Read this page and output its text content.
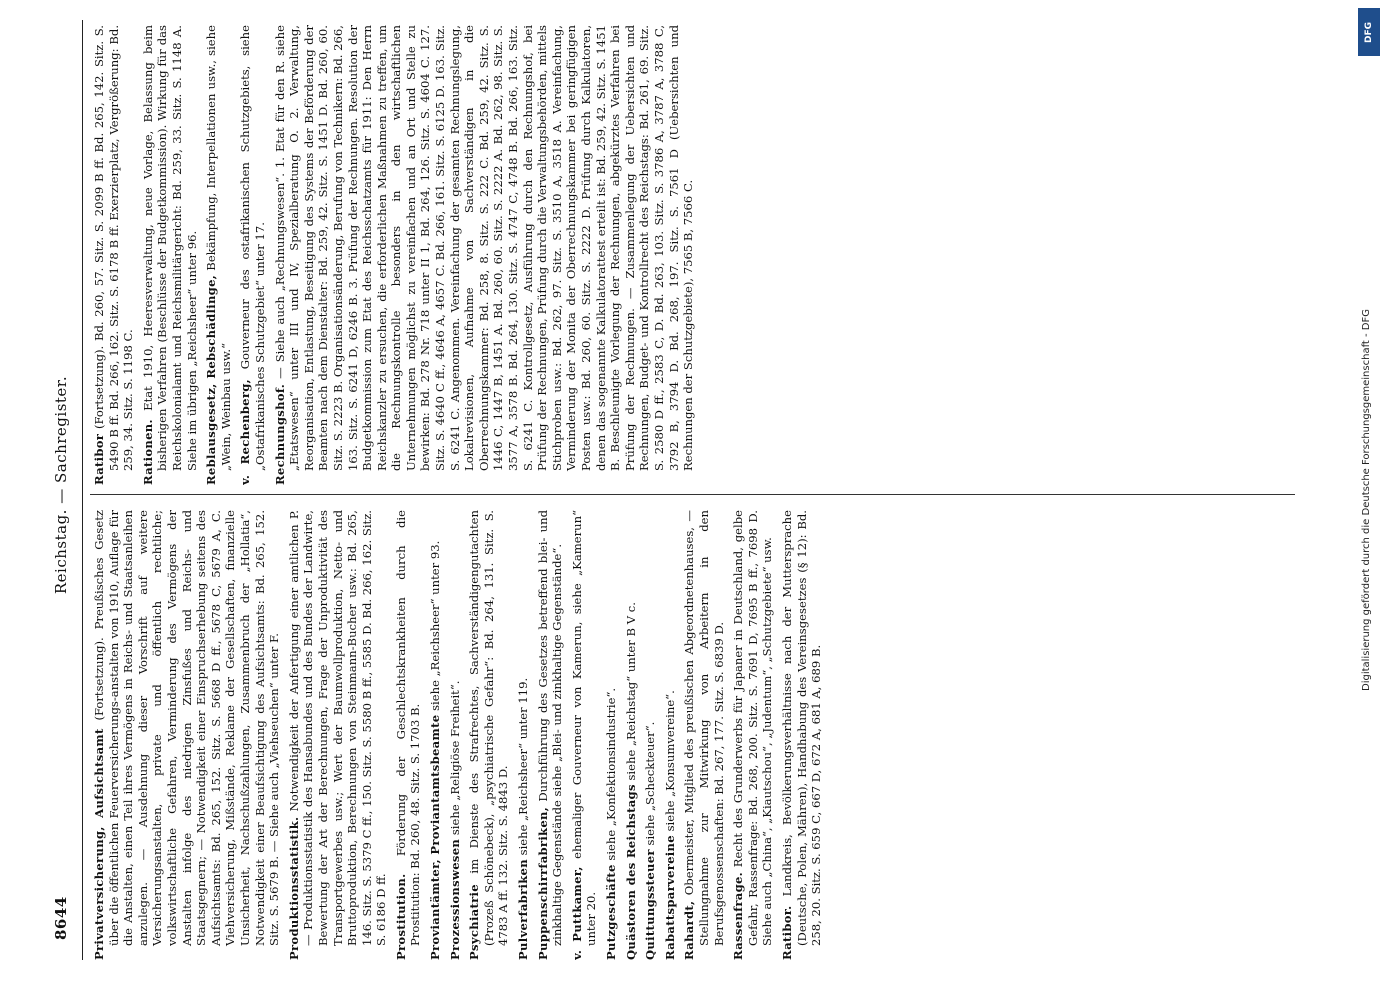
8644
Reichstag. — Sachregister.

Privatversicherung, Aufsichtsamt (Fortsetzung). Preußisches Gesetz über die öffentlichen Feuerversicherungs-anstalten von 1910, Auflage für die Anstalten, einen Teil ihres Vermögens in Reichs- und Staatsanleihen anzulegen. — Ausdehnung dieser Vorschrift auf weitere Versicherungsanstalten, private und öffentlich rechtliche; volkswirtschaftliche Gefahren, Verminderung des Vermögens der Anstalten infolge des niedrigen Zinsfußes und Reichs- und Staatsgegnern; — Notwendigkeit einer Einspruchserhebung seitens des Aufsichtsamts: Bd. 265, 152. Sitz. S. 5668 D ff., 5678 C, 5679 A, C. Viehversicherung, Mißstände, Reklame der Gesellschaften, finanzielle Unsicherheit, Nachschußzahlungen, Zusammenbruch der „Hollatia“, Notwendigkeit einer Beaufsichtigung des Aufsichtsamts: Bd. 265, 152. Sitz. S. 5679 B. — Siehe auch „Viehseuchen“ unter F. Produktionsstatistik. Notwendigkeit der Anfertigung einer amtlichen P. — Produktionsstatistik des Hansabundes und des Bundes der Landwirte, Bewertung der Art der Berechnungen, Frage der Unproduktivität des Transportgewerbes usw.; Wert der Baumwollproduktion, Netto- und Bruttoproduktion, Berechnungen von Steinmann-Bucher usw.: Bd. 265, 146. Sitz. S. 5379 C ff., 150. Sitz. S. 5580 B ff., 5585 D. Bd. 266, 162. Sitz. S. 6186 D ff. Prostitution. Förderung der Geschlechtskrankheiten durch die Prostitution: Bd. 260, 48. Sitz. S. 1703 B. Proviantämter, Proviantamtsbeamte siehe „Reichsheer“ unter 93.

Prozessionswesen siehe „Religiöse Freiheit“.

Psychiatrie im Dienste des Strafrechtes, Sachverständigengutachten (Prozeß Schönebeck), „psychiatrische Gefahr“: Bd. 264, 131. Sitz. S. 4783 A ff. 132. Sitz. S. 4843 D. Pulverfabriken siehe „Reichsheer“ unter 119.

Puppenschirrfabriken, Durchführung des Gesetzes betreffend blei- und zinkhaltige Gegenstände siehe „Blei- und zinkhaltige Gegenstände“. v. Puttkamer, ehemaliger Gouverneur von Kamerun, siehe „Kamerun“ unter 20. Putzgeschäfte siehe „Konfektionsindustrie“.

Quästoren des Reichstags siehe „Reichstag“ unter B V c.

Quittungssteuer siehe „Scheckteuer“.

Rabattsparvereine siehe „Konsumvereine“.

Rahardt, Obermeister, Mitglied des preußischen Abgeordnetenhauses, — Stellungnahme zur Mitwirkung von Arbeitern in den Berufsgenossenschaften: Bd. 267, 177. Sitz. S. 6839 D. Rassenfrage. Recht des Grunderwerbs für Japaner in Deutschland, gelbe Gefahr, Rassenfrage: Bd. 268, 200. Sitz. S. 7691 D, 7695 B ff., 7698 D. Siehe auch „China“, „Kiautschou“, „Judentum“, „Schutzgebiete“ usw. Ratibor. Landkreis, Bevölkerungsverhältnisse nach der Muttersprache (Deutsche, Polen, Mähren), Handhabung des Vereinsgesetzes (§ 12): Bd. 258, 20. Sitz. S. 659 C, 667 D, 672 A, 681 A, 689 B.

Ratibor (Fortsetzung). Bd. 260, 57. Sitz. S. 2099 B ff. Bd. 265, 142. Sitz. S. 5490 B ff. Bd. 266, 162. Sitz. S. 6178 B ff. Exerzierplatz, Vergrößerung: Bd. 259, 34. Sitz. S. 1198 C. Rationen. Etat 1910, Heeresverwaltung, neue Vorlage, Belassung beim bisherigen Verfahren (Beschlüsse der Budgetkommission). Wirkung für das Reichskolonialamt und Reichsmilitärgericht: Bd. 259, 33. Sitz. S. 1148 A. Siehe im übrigen „Reichsheer“ unter 96. Reblausgesetz, Rebschädlinge, Bekämpfung, Interpellationen usw., siehe „Wein, Weinbau usw.“ v. Rechenberg, Gouverneur des ostafrikanischen Schutzgebiets, siehe „Ostafrikanisches Schutzgebiet“ unter 17. Rechnungshof. — Siehe auch „Rechnungswesen“. 1. Etat für den R. siehe „Etatswesen“ unter III und IV, Spezialberatung O. 2. Verwaltung, Reorganisation, Entlastung, Beseitigung des Systems der Beförderung der Beamten nach dem Dienstalter: Bd. 259, 42. Sitz. S. 1451 D. Bd. 260, 60. Sitz. S. 2223 B. Organisationsänderung, Berufung von Technikern: Bd. 266, 163. Sitz. S. 6241 D, 6246 B. 3. Prüfung der Rechnungen. Resolution der Budgetkommission zum Etat des Reichsschatzamts für 1911: Den Herrn Reichskanzler zu ersuchen, die erforderlichen Maßnahmen zu treffen, um die Rechnungskontrolle besonders in den wirtschaftlichen Unternehmungen möglichst zu vereinfachen und an Ort und Stelle zu bewirken: Bd. 278 Nr. 718 unter II 1, Bd. 264, 126. Sitz. S. 4604 C. 127. Sitz. S. 4640 C ff., 4646 A, 4657 C. Bd. 266, 161. Sitz. S. 6125 D. 163. Sitz. S. 6241 C. Angenommen. Vereinfachung der gesamten Rechnungslegung, Lokalrevisionen, Aufnahme von Sachverständigen in die Oberrechnungskammer: Bd. 258, 8. Sitz. S. 222 C. Bd. 259, 42. Sitz. S. 1446 C, 1447 B, 1451 A. Bd. 260, 60. Sitz. S. 2222 A. Bd. 262, 98. Sitz. S. 3577 A, 3578 B. Bd. 264, 130. Sitz. S. 4747 C, 4748 B. Bd. 266, 163. Sitz. S. 6241 C. Kontrollgesetz, Ausführung durch den Rechnungshof, bei Prüfung der Rechnungen, Prüfung durch die Verwaltungsbehörden, mittels Stichproben usw.: Bd. 262, 97. Sitz. S. 3510 A, 3518 A. Vereinfachung, Verminderung der Monita der Oberrechnungskammer bei geringfügigen Posten usw.: Bd. 260, 60. Sitz. S. 2222 D. Prüfung durch Kalkulatoren, denen das sogenannte Kalkulatorattest erteilt ist: Bd. 259, 42. Sitz. S. 1451 B. Beschleunigte Vorlegung der Rechnungen, abgekürztes Verfahren bei Prüfung der Rechnungen. — Zusammenlegung der Uebersichten und Rechnungen, Budget- und Kontrollrecht des Reichstags: Bd. 261, 69. Sitz. S. 2580 D ff., 2583 C, D. Bd. 263, 103. Sitz. S. 3786 A, 3787 A, 3788 C, 3792 B, 3794 D. Bd. 268, 197. Sitz. S. 7561 D (Uebersichten und Rechnungen der Schutzgebiete), 7565 B, 7566 C.	Digitalisierung gefördert durch die Deutsche Forschungsgemeinschaft - DFG
DFG
